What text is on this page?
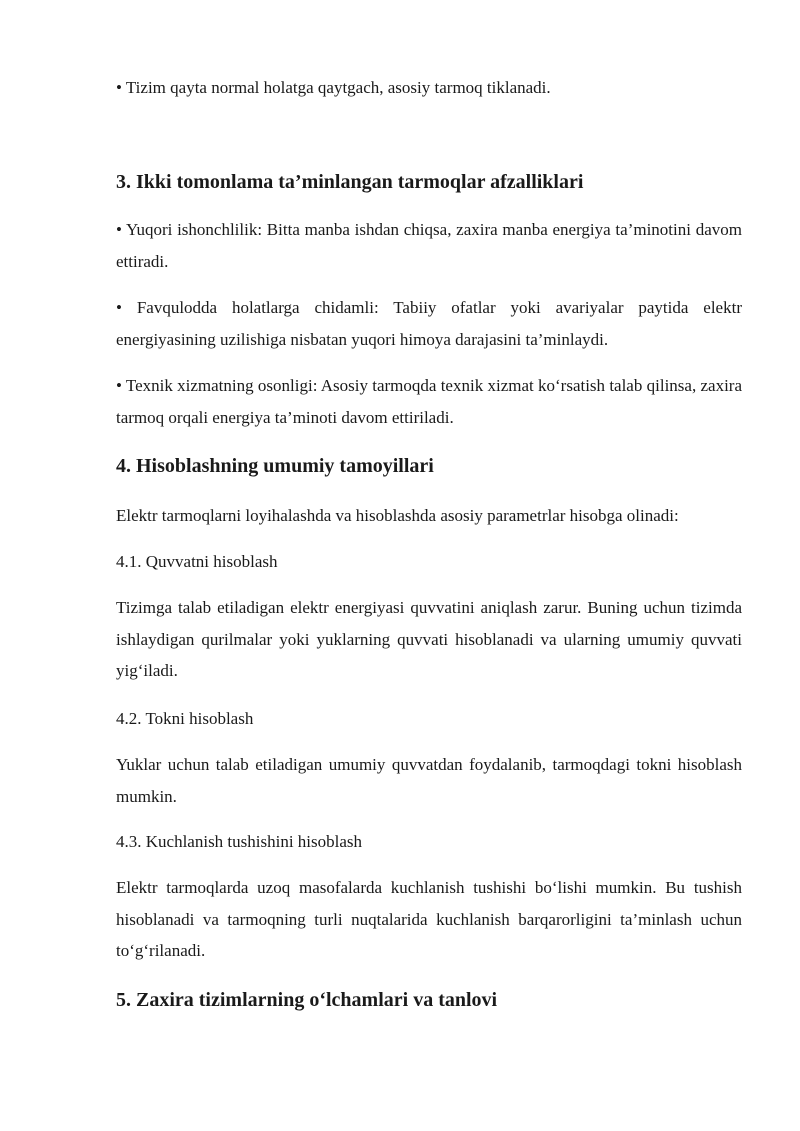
• Tizim qayta normal holatga qaytgach, asosiy tarmoq tiklanadi.
3. Ikki tomonlama ta’minlangan tarmoqlar afzalliklari
• Yuqori ishonchlilik: Bitta manba ishdan chiqsa, zaxira manba energiya ta’minotini davom ettiradi.
• Favqulodda holatlarga chidamli: Tabiiy ofatlar yoki avariyalar paytida elektr energiyasining uzilishiga nisbatan yuqori himoya darajasini ta’minlaydi.
• Texnik xizmatning osonligi: Asosiy tarmoqda texnik xizmat ko‘rsatish talab qilinsa, zaxira tarmoq orqali energiya ta’minoti davom ettiriladi.
4. Hisoblashning umumiy tamoyillari
Elektr tarmoqlarni loyihalashda va hisoblashda asosiy parametrlar hisobga olinadi:
4.1. Quvvatni hisoblash
Tizimga talab etiladigan elektr energiyasi quvvatini aniqlash zarur. Buning uchun tizimda ishlaydigan qurilmalar yoki yuklarning quvvati hisoblanadi va ularning umumiy quvvati yig‘iladi.
4.2. Tokni hisoblash
Yuklar uchun talab etiladigan umumiy quvvatdan foydalanib, tarmoqdagi tokni hisoblash mumkin.
4.3. Kuchlanish tushishini hisoblash
Elektr tarmoqlarda uzoq masofalarda kuchlanish tushishi bo‘lishi mumkin. Bu tushish hisoblanadi va tarmoqning turli nuqtalarida kuchlanish barqarorligini ta’minlash uchun to‘g‘rilanadi.
5. Zaxira tizimlarning o‘lchamlari va tanlovi
